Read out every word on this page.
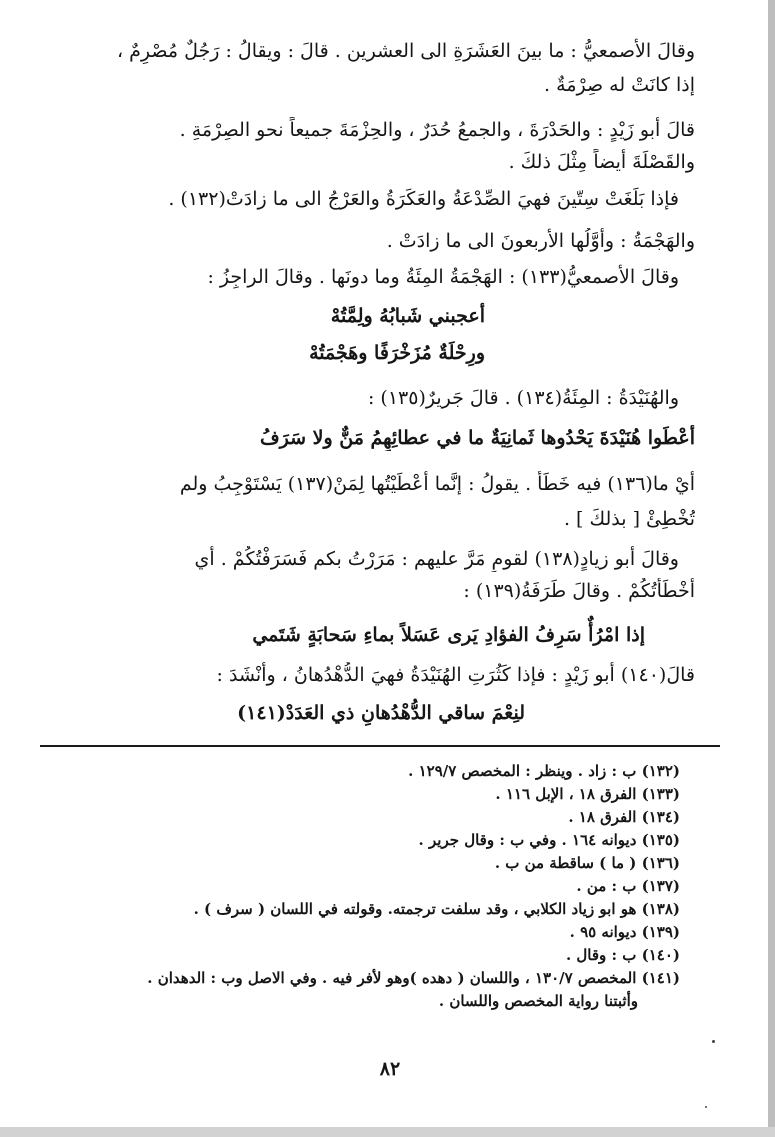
وقالَ الأصمعيُّ : ما بينَ العَشَرَةِ الى العشرين . قالَ : ويقالُ : رَجُلٌ مُصْرِمٌ ،
إذا كانَتْ له صِرْمَةٌ .
قالَ أبو زَيْدٍ : والحَدْرَةَ ، والجمعُ حُدَرٌ ، والحِزْمَةَ جميعاً نحو الصِرْمَةِ .
والقَصْلَةَ أيضاً مِثْلَ ذلكَ .
فإذا بَلَغَتْ سِتّينَ فهيَ الصِّدْعَةُ والعَكَرَةُ والعَرْجُ الى ما زادَتْ(١٣٢) .
والهَجْمَةُ : وأَوَّلُها الأربعونَ الى ما زادَتْ .
وقالَ الأصمعيُّ(١٣٣) : الهَجْمَةُ المِئَةُ وما دونَها . وقالَ الراجِزُ :
أعجبني شَبابُهُ ولِمَّتُهْ
ورِحْلَةٌ مُزَخْرَفًا وهَجْمَتُهْ
والهُنَيْدَةُ : المِئَةُ(١٣٤) . قالَ جَريرٌ(١٣٥) :
أعْطَوا هُنَيْدَةَ يَحْدُوها ثَمانِيَةٌ ما في عطائِهِمُ مَنٌّ ولا سَرَفُ
أيْ ما(١٣٦) فيه خَطَأٌ . يقولُ : إنَّما أعْطَيْتُها لِمَنْ(١٣٧) يَسْتَوْجِبُ ولم
تُخْطِئْ [ بذلكَ ] .
وقالَ أبو زيادٍ(١٣٨) لقومٍ مَرَّ عليهم : مَرَرْتُ بكم فَسَرَفْتُكُمْ . أي
أخْطَأْتُكُمْ . وقالَ طَرَفَةُ(١٣٩) :
إذا امْرُأٌ سَرِفُ الفؤادِ يَرى عَسَلاً بماءِ سَحابَةٍ شَتَمي
قالَ(١٤٠) أبو زَيْدٍ : فإذا كَثُرَتِ الهُنَيْدَةُ فهيَ الدُّهْدُهانُ ، وأنْشَدَ :
لنِعْمَ ساقي الدُّهْدُهانِ ذي العَدَدْ(١٤١)
(١٣٢) ب : زاد . وينظر : المخصص ١٢٩/٧ .
(١٣٣) الفرق ١٨ ، الإبل ١١٦ .
(١٣٤) الفرق ١٨ .
(١٣٥) ديوانه ١٦٤ . وفي ب : وقال جرير .
(١٣٦) ( ما ) ساقطة من ب .
(١٣٧) ب : من .
(١٣٨) هو ابو زياد الكلابي ، وقد سلفت ترجمته. وقولته في اللسان ( سرف ) .
(١٣٩) ديوانه ٩٥ .
(١٤٠) ب : وقال .
(١٤١) المخصص ١٣٠/٧ ، واللسان ( دهده )وهو لأفر فيه . وفي الاصل وب : الدهدان .
وأثبتنا رواية المخصص واللسان .
٨٢
